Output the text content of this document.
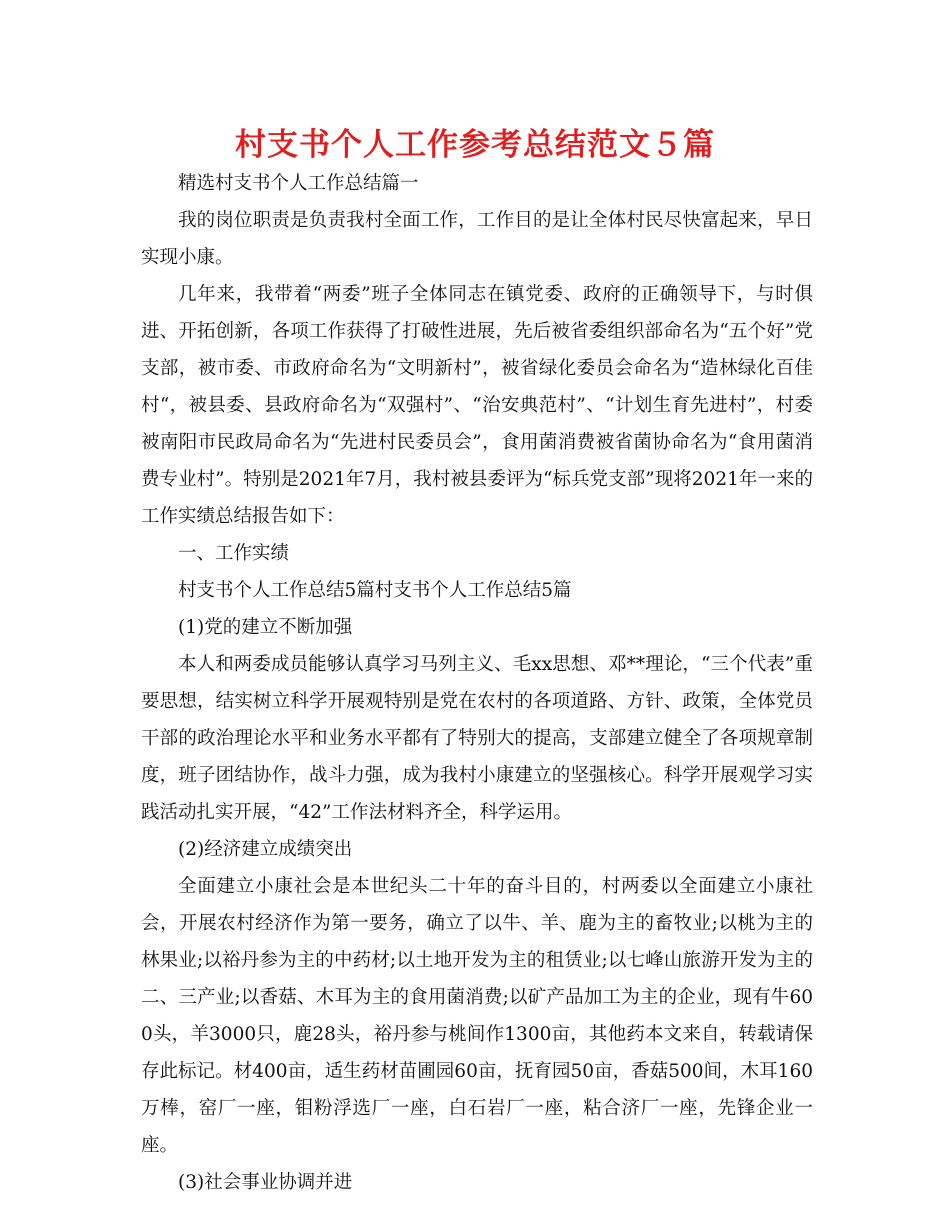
村支书个人工作参考总结范文５篇

精选村支书个人工作总结篇一

我的岗位职责是负责我村全面工作，工作目的是让全体村民尽快富起来，早日实现小康。

几年来，我带着“两委”班子全体同志在镇党委、政府的正确领导下，与时俱进、开拓创新，各项工作获得了打破性进展，先后被省委组织部命名为“五个好”党支部，被市委、市政府命名为“文明新村”，被省绿化委员会命名为“造林绿化百佳村“，被县委、县政府命名为“双强村”、“治安典范村”、“计划生育先进村”，村委被南阳市民政局命名为“先进村民委员会”，食用菌消费被省菌协命名为“食用菌消费专业村”。特别是2021年7月，我村被县委评为“标兵党支部”现将2021年一来的工作实绩总结报告如下：

一、工作实绩

村支书个人工作总结5篇村支书个人工作总结5篇

(1)党的建立不断加强

本人和两委成员能够认真学习马列主义、毛xx思想、邓**理论，“三个代表”重要思想，结实树立科学开展观特别是党在农村的各项道路、方针、政策，全体党员干部的政治理论水平和业务水平都有了特别大的提高，支部建立健全了各项规章制度，班子团结协作，战斗力强，成为我村小康建立的坚强核心。科学开展观学习实践活动扎实开展，“42”工作法材料齐全，科学运用。

(2)经济建立成绩突出

全面建立小康社会是本世纪头二十年的奋斗目的，村两委以全面建立小康社会，开展农村经济作为第一要务，确立了以牛、羊、鹿为主的畜牧业;以桃为主的林果业;以裕丹参为主的中药材;以土地开发为主的租赁业;以七峰山旅游开发为主的二、三产业;以香菇、木耳为主的食用菌消费;以矿产品加工为主的企业，现有牛600头，羊3000只，鹿28头，裕丹参与桃间作1300亩，其他药本文来自，转载请保存此标记。材400亩，适生药材苗圃园60亩，抚育园50亩，香菇500间，木耳160万棒，窑厂一座，钼粉浮选厂一座，白石岩厂一座，粘合济厂一座，先锋企业一座。

(3)社会事业协调并进
